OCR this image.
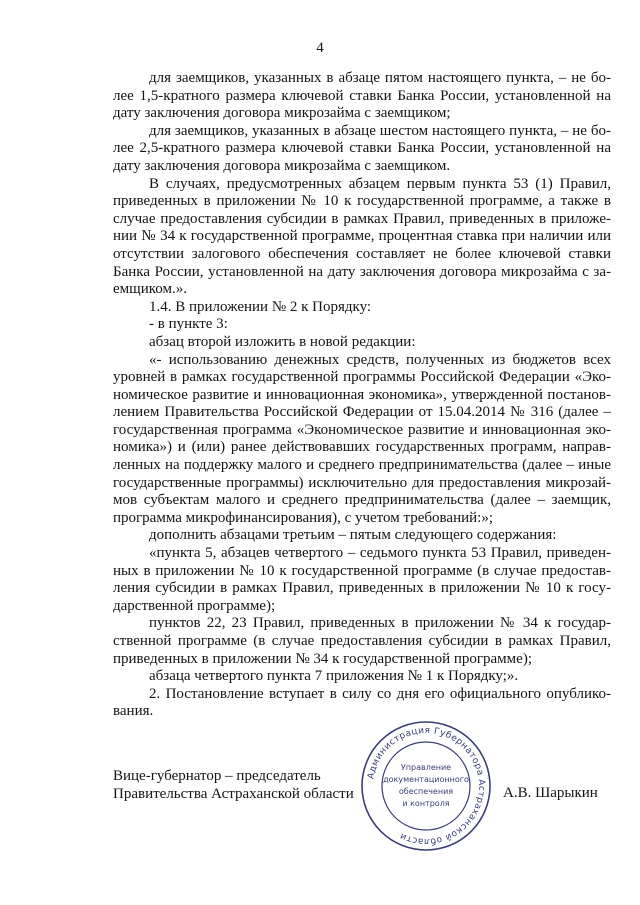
4
для заемщиков, указанных в абзаце пятом настоящего пункта, – не бо-
лее 1,5-кратного размера ключевой ставки Банка России, установленной на
дату заключения договора микрозайма с заемщиком;
для заемщиков, указанных в абзаце шестом настоящего пункта, – не бо-
лее 2,5-кратного размера ключевой ставки Банка России, установленной на
дату заключения договора микрозайма с заемщиком.
В случаях, предусмотренных абзацем первым пункта 53 (1) Правил,
приведенных в приложении № 10 к государственной программе, а также в
случае предоставления субсидии в рамках Правил, приведенных в приложе-
нии № 34 к государственной программе, процентная ставка при наличии или
отсутствии залогового обеспечения составляет не более ключевой ставки
Банка России, установленной на дату заключения договора микрозайма с за-
емщиком.».
1.4. В приложении № 2 к Порядку:
- в пункте 3:
абзац второй изложить в новой редакции:
«- использованию денежных средств, полученных из бюджетов всех
уровней в рамках государственной программы Российской Федерации «Эко-
номическое развитие и инновационная экономика», утвержденной постанов-
лением Правительства Российской Федерации от 15.04.2014 № 316 (далее –
государственная программа «Экономическое развитие и инновационная эко-
номика») и (или) ранее действовавших государственных программ, направ-
ленных на поддержку малого и среднего предпринимательства (далее – иные
государственные программы) исключительно для предоставления микрозай-
мов субъектам малого и среднего предпринимательства (далее – заемщик,
программа микрофинансирования), с учетом требований:»;
дополнить абзацами третьим – пятым следующего содержания:
«пункта 5, абзацев четвертого – седьмого пункта 53 Правил, приведен-
ных в приложении № 10 к государственной программе (в случае предостав-
ления субсидии в рамках Правил, приведенных в приложении № 10 к госу-
дарственной программе);
пунктов 22, 23 Правил, приведенных в приложении № 34 к государ-
ственной программе (в случае предоставления субсидии в рамках Правил,
приведенных в приложении № 34 к государственной программе);
абзаца четвертого пункта 7 приложения № 1 к Порядку;».
2. Постановление вступает в силу со дня его официального опублико-
вания.
Вице-губернатор – председатель
Правительства Астраханской области
Администрация Губернатора Астраханской области
Управление
документационного
обеспечения
и контроля
А.В. Шарыкин
